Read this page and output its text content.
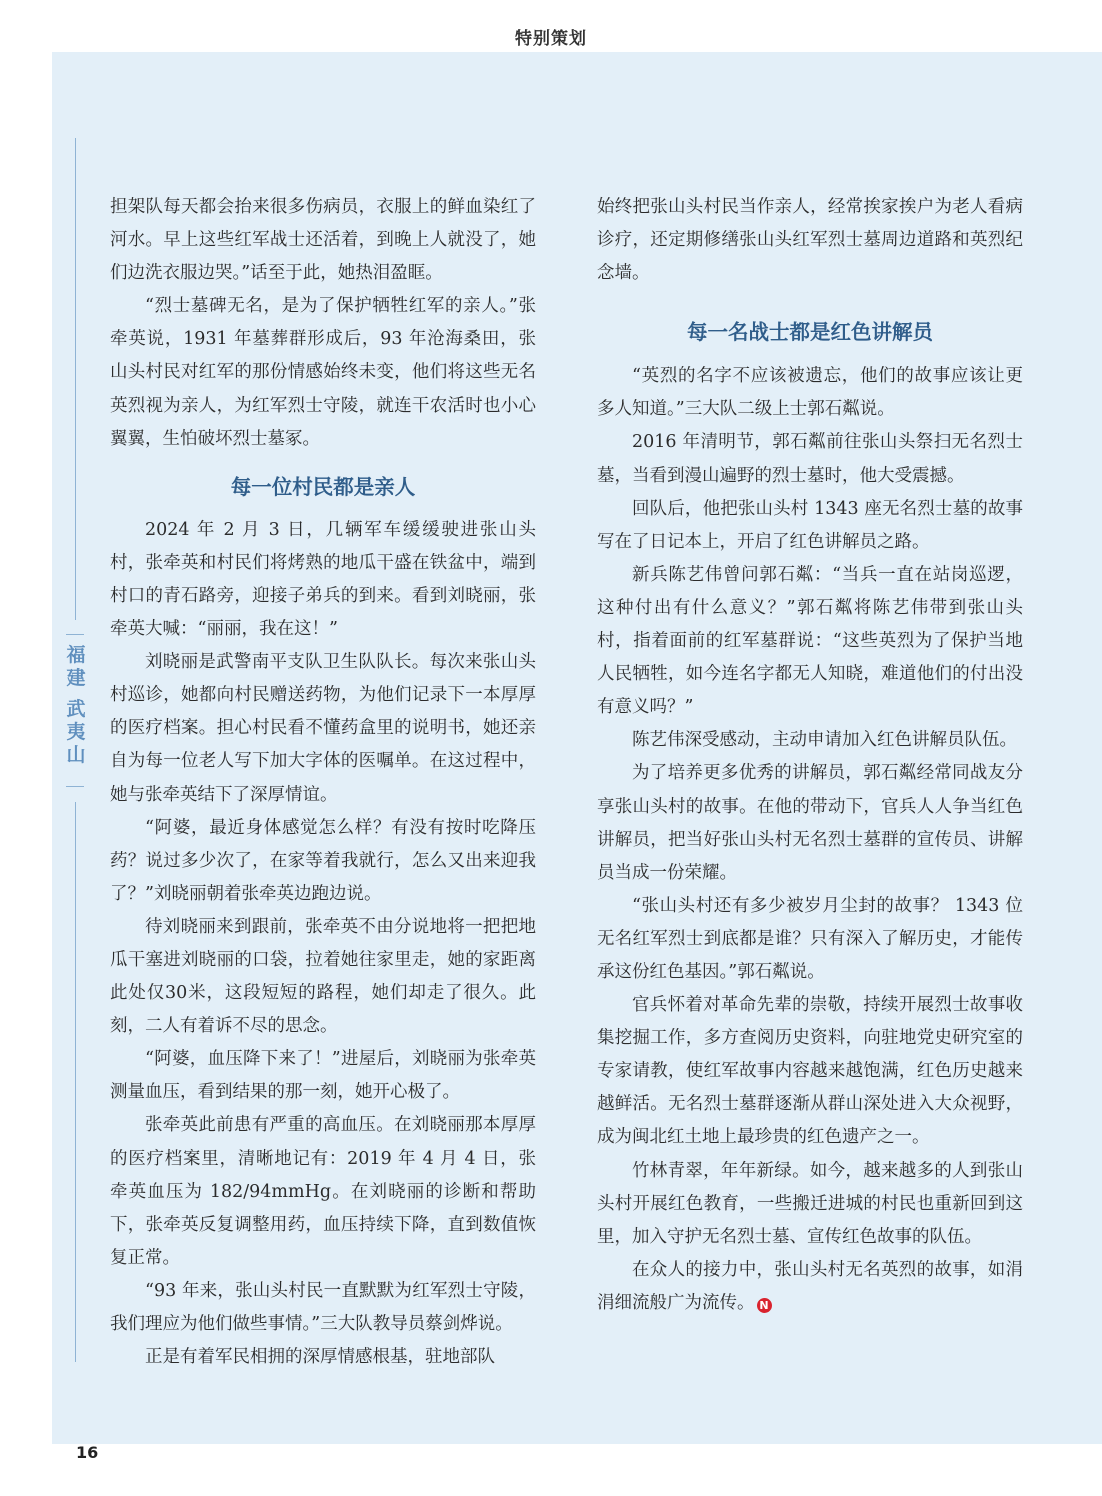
特别策划
福建
武夷山

担架队每天都会抬来很多伤病员，衣服上的鲜血染红了河水。早上这些红军战士还活着，到晚上人就没了，她们边洗衣服边哭。”话至于此，她热泪盈眶。

“烈士墓碑无名，是为了保护牺牲红军的亲人。”张牵英说，1931 年墓葬群形成后，93 年沧海桑田，张山头村民对红军的那份情感始终未变，他们将这些无名英烈视为亲人，为红军烈士守陵，就连干农活时也小心翼翼，生怕破坏烈士墓冢。

每一位村民都是亲人

2024 年 2 月 3 日，几辆军车缓缓驶进张山头村，张牵英和村民们将烤熟的地瓜干盛在铁盆中，端到村口的青石路旁，迎接子弟兵的到来。看到刘晓丽，张牵英大喊：“丽丽，我在这！”

刘晓丽是武警南平支队卫生队队长。每次来张山头村巡诊，她都向村民赠送药物，为他们记录下一本厚厚的医疗档案。担心村民看不懂药盒里的说明书，她还亲自为每一位老人写下加大字体的医嘱单。在这过程中，她与张牵英结下了深厚情谊。

“阿婆，最近身体感觉怎么样？有没有按时吃降压药？说过多少次了，在家等着我就行，怎么又出来迎我了？”刘晓丽朝着张牵英边跑边说。

待刘晓丽来到跟前，张牵英不由分说地将一把把地瓜干塞进刘晓丽的口袋，拉着她往家里走，她的家距离此处仅30米，这段短短的路程，她们却走了很久。此刻，二人有着诉不尽的思念。

“阿婆，血压降下来了！”进屋后，刘晓丽为张牵英测量血压，看到结果的那一刻，她开心极了。

张牵英此前患有严重的高血压。在刘晓丽那本厚厚的医疗档案里，清晰地记有：2019 年 4 月 4 日，张牵英血压为 182/94mmHg。在刘晓丽的诊断和帮助下，张牵英反复调整用药，血压持续下降，直到数值恢复正常。

“93 年来，张山头村民一直默默为红军烈士守陵，我们理应为他们做些事情。”三大队教导员蔡剑烨说。

正是有着军民相拥的深厚情感根基，驻地部队

始终把张山头村民当作亲人，经常挨家挨户为老人看病诊疗，还定期修缮张山头红军烈士墓周边道路和英烈纪念墙。

每一名战士都是红色讲解员

“英烈的名字不应该被遗忘，他们的故事应该让更多人知道。”三大队二级上士郭石粼说。

2016 年清明节，郭石粼前往张山头祭扫无名烈士墓，当看到漫山遍野的烈士墓时，他大受震撼。

回队后，他把张山头村 1343 座无名烈士墓的故事写在了日记本上，开启了红色讲解员之路。

新兵陈艺伟曾问郭石粼：“当兵一直在站岗巡逻，这种付出有什么意义？”郭石粼将陈艺伟带到张山头村，指着面前的红军墓群说：“这些英烈为了保护当地人民牺牲，如今连名字都无人知晓，难道他们的付出没有意义吗？”

陈艺伟深受感动，主动申请加入红色讲解员队伍。

为了培养更多优秀的讲解员，郭石粼经常同战友分享张山头村的故事。在他的带动下，官兵人人争当红色讲解员，把当好张山头村无名烈士墓群的宣传员、讲解员当成一份荣耀。

“张山头村还有多少被岁月尘封的故事？ 1343 位无名红军烈士到底都是谁？只有深入了解历史，才能传承这份红色基因。”郭石粼说。

官兵怀着对革命先辈的崇敬，持续开展烈士故事收集挖掘工作，多方查阅历史资料，向驻地党史研究室的专家请教，使红军故事内容越来越饱满，红色历史越来越鲜活。无名烈士墓群逐渐从群山深处进入大众视野，成为闽北红土地上最珍贵的红色遗产之一。

竹林青翠，年年新绿。如今，越来越多的人到张山头村开展红色教育，一些搬迁进城的村民也重新回到这里，加入守护无名烈士墓、宣传红色故事的队伍。

在众人的接力中，张山头村无名英烈的故事，如涓涓细流般广为流传。 N

16
